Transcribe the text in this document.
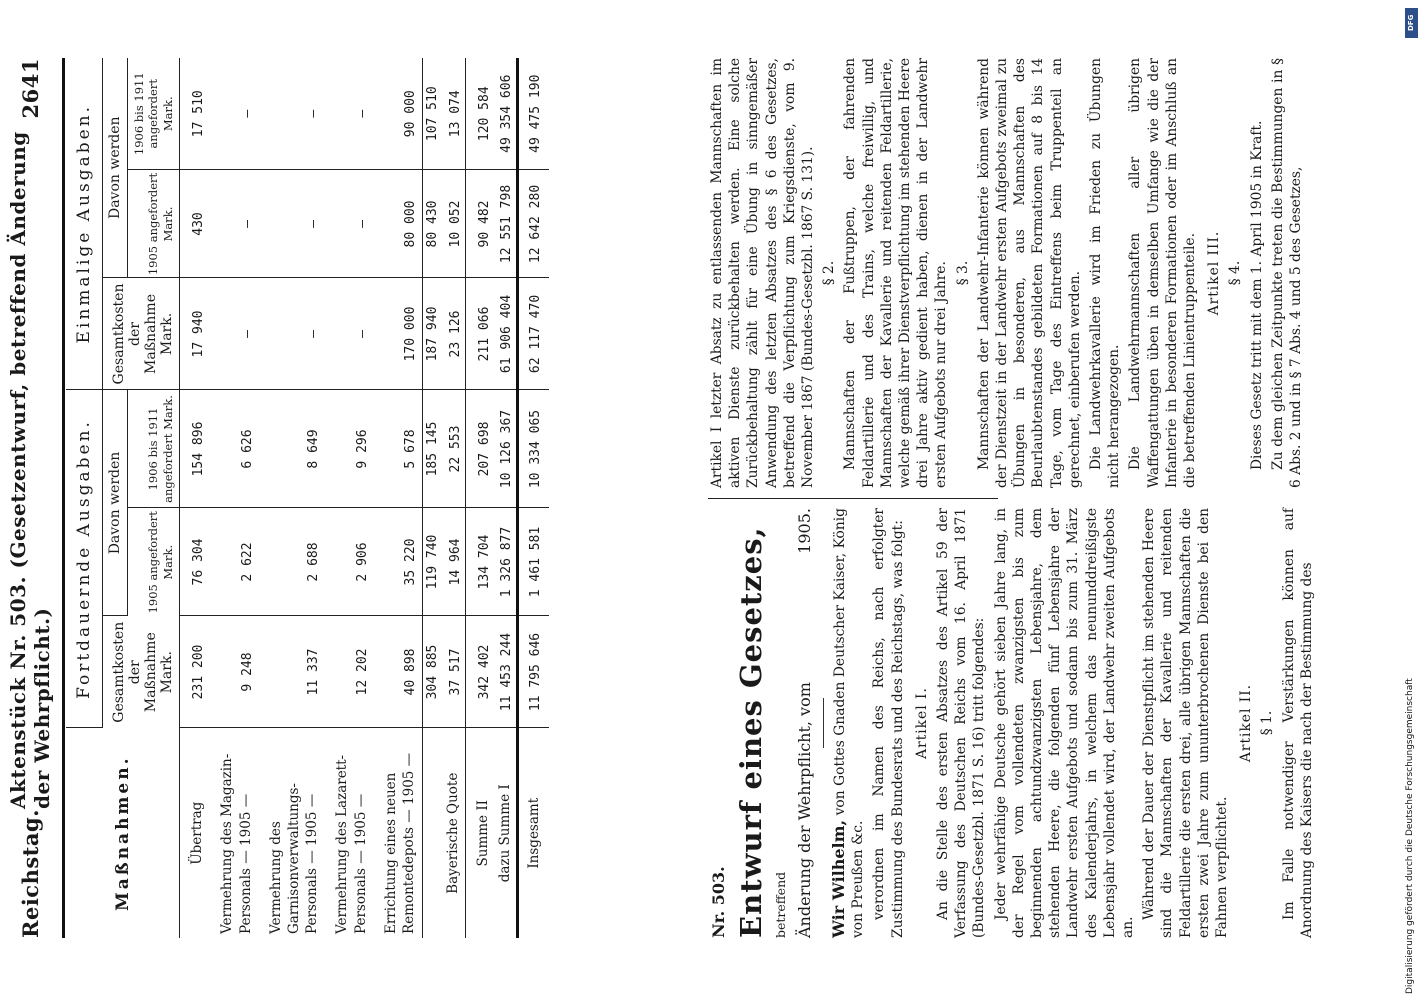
Reichstag.
Aktenstück Nr. 503. (Gesetzentwurf, betreffend Änderung der Wehrpflicht.)
2641
Maßnahmen.	Fortdauernde Ausgaben.			Einmalige Ausgaben.		
	Gesamtkosten der Maßnahme Mark.	Davon werden		Gesamtkosten der Maßnahme Mark.	Davon werden	
		1905 angefordert Mark.	1906 bis 1911 angefordert Mark.		1905 angefordert Mark.	1906 bis 1911 angefordert Mark.
Übertrag	231 200	76 304	154 896	17 940	430	17 510
Vermehrung des Magazin-Personals — 1905 —	9 248	2 622	6 626	—	—	—
Vermehrung des Garnisonverwaltungs-Personals — 1905 —	11 337	2 688	8 649	—	—	—
Vermehrung des Lazarett-Personals — 1905 —	12 202	2 906	9 296	—	—	—
Errichtung eines neuen Remontedepots — 1905 —	40 898	35 220	5 678	170 000	80 000	90 000
	304 885	119 740	185 145	187 940	80 430	107 510
Bayerische Quote	37 517	14 964	22 553	23 126	10 052	13 074
Summe II	342 402	134 704	207 698	211 066	90 482	120 584
dazu Summe I	11 453 244	1 326 877	10 126 367	61 906 404	12 551 798	49 354 606
Insgesamt	11 795 646	1 461 581	10 334 065	62 117 470	12 642 280	49 475 190

Nr. 503. Entwurf eines Gesetzes, betreffend Änderung der Wehrpflicht, vom
1905.

Wir Wilhelm, von Gottes Gnaden Deutscher Kaiser, König von Preußen &c. verordnen im Namen des Reichs, nach erfolgter Zustimmung des Bundesrats und des Reichstags, was folgt: Artikel I. An die Stelle des ersten Absatzes des Artikel 59 der Verfassung des Deutschen Reichs vom 16. April 1871 (Bundes-Gesetzbl. 1871 S. 16) tritt folgendes: Jeder wehrfähige Deutsche gehört sieben Jahre lang, in der Regel vom vollendeten zwanzigsten bis zum beginnenden achtundzwanzigsten Lebensjahre, dem stehenden Heere, die folgenden fünf Lebensjahre der Landwehr ersten Aufgebots und sodann bis zum 31. März des Kalenderjahrs, in welchem das neununddreißigste Lebensjahr vollendet wird, der Landwehr zweiten Aufgebots an.

Während der Dauer der Dienstpflicht im stehenden Heere sind die Mannschaften der Kavallerie und reitenden Feldartillerie die ersten drei, alle übrigen Mannschaften die ersten zwei Jahre zum ununterbrochenen Dienste bei den Fahnen verpflichtet.

Artikel II. § 1. Im Falle notwendiger Verstärkungen können auf Anordnung des Kaisers die nach der Bestimmung des

Artikel I letzter Absatz zu entlassenden Mannschaften im aktiven Dienste zurückbehalten werden. Eine solche Zurückbehaltung zählt für eine Übung in sinngemäßer Anwendung des letzten Absatzes des § 6 des Gesetzes, betreffend die Verpflichtung zum Kriegsdienste, vom 9. November 1867 (Bundes-Gesetzbl. 1867 S. 131). § 2. Mannschaften der Fußtruppen, der fahrenden Feldartillerie und des Trains, welche freiwillig, und Mannschaften der Kavallerie und reitenden Feldartillerie, welche gemäß ihrer Dienstverpflichtung im stehenden Heere drei Jahre aktiv gedient haben, dienen in der Landwehr ersten Aufgebots nur drei Jahre. § 3. Mannschaften der Landwehr-Infanterie können während der Dienstzeit in der Landwehr ersten Aufgebots zweimal zu Übungen in besonderen, aus Mannschaften des Beurlaubtenstandes gebildeten Formationen auf 8 bis 14 Tage, vom Tage des Eintreffens beim Truppenteil an gerechnet, einberufen werden. Die Landwehrkavallerie wird im Frieden zu Übungen nicht herangezogen. Die Landwehrmannschaften aller übrigen Waffengattungen üben in demselben Umfange wie die der Infanterie in besonderen Formationen oder im Anschluß an die betreffenden Linientruppenteile. Artikel III. § 4. Dieses Gesetz tritt mit dem 1. April 1905 in Kraft. Zu dem gleichen Zeitpunkte treten die Bestimmungen in § 6 Abs. 2 und in § 7 Abs. 4 und 5 des Gesetzes,

DFG
Digitalisierung gefördert durch die Deutsche Forschungsgemeinschaft
